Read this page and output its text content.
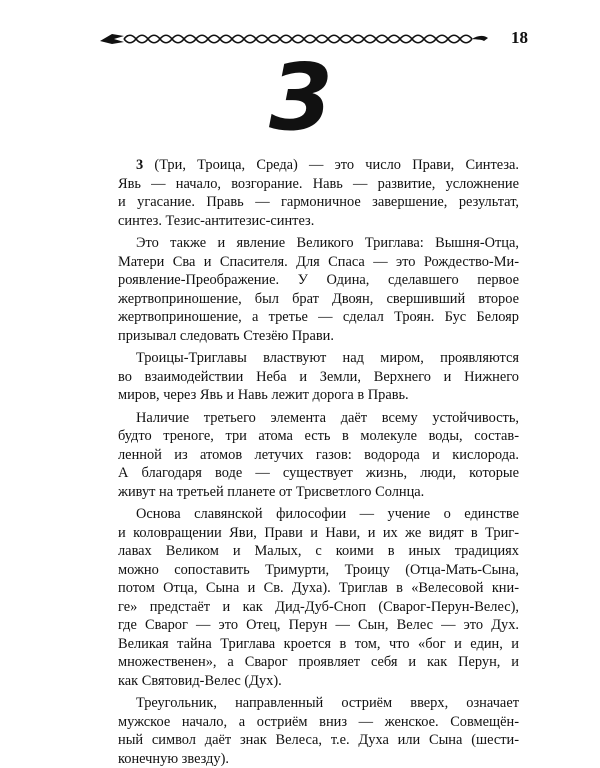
18
3
3 (Три, Троица, Среда) — это число Прави, Синтеза.
Явь — начало, возгорание. Навь — развитие, усложнение
и угасание. Правь — гармоничное завершение, результат,
синтез. Тезис-антитезис-синтез.
Это также и явление Великого Триглава: Вышня-Отца,
Матери Сва и Спасителя. Для Спаса — это Рождество-Ми-
роявление-Преображение. У Одина, сделавшего первое
жертвоприношение, был брат Двоян, свершивший второе
жертвоприношение, а третье — сделал Троян. Бус Белояр
призывал следовать Стезёю Прави.
Троицы-Триглавы властвуют над миром, проявляются
во взаимодействии Неба и Земли, Верхнего и Нижнего
миров, через Явь и Навь лежит дорога в Правь.
Наличие третьего элемента даёт всему устойчивость,
будто треноге, три атома есть в молекуле воды, состав-
ленной из атомов летучих газов: водорода и кислорода.
А благодаря воде — существует жизнь, люди, которые
живут на третьей планете от Трисветлого Солнца.
Основа славянской философии — учение о единстве
и коловращении Яви, Прави и Нави, и их же видят в Триг-
лавах Великом и Малых, с коими в иных традициях
можно сопоставить Тримурти, Троицу (Отца-Мать-Сына,
потом Отца, Сына и Св. Духа). Триглав в «Велесовой кни-
ге» предстаёт и как Дид-Дуб-Сноп (Сварог-Перун-Велес),
где Сварог — это Отец, Перун — Сын, Велес — это Дух.
Великая тайна Триглава кроется в том, что «бог и един, и
множественен», а Сварог проявляет себя и как Перун, и
как Святовид-Велес (Дух).
Треугольник, направленный остриём вверх, означает
мужское начало, а остриём вниз — женское. Совмещён-
ный символ даёт знак Велеса, т.е. Духа или Сына (шести-
конечную звезду).
